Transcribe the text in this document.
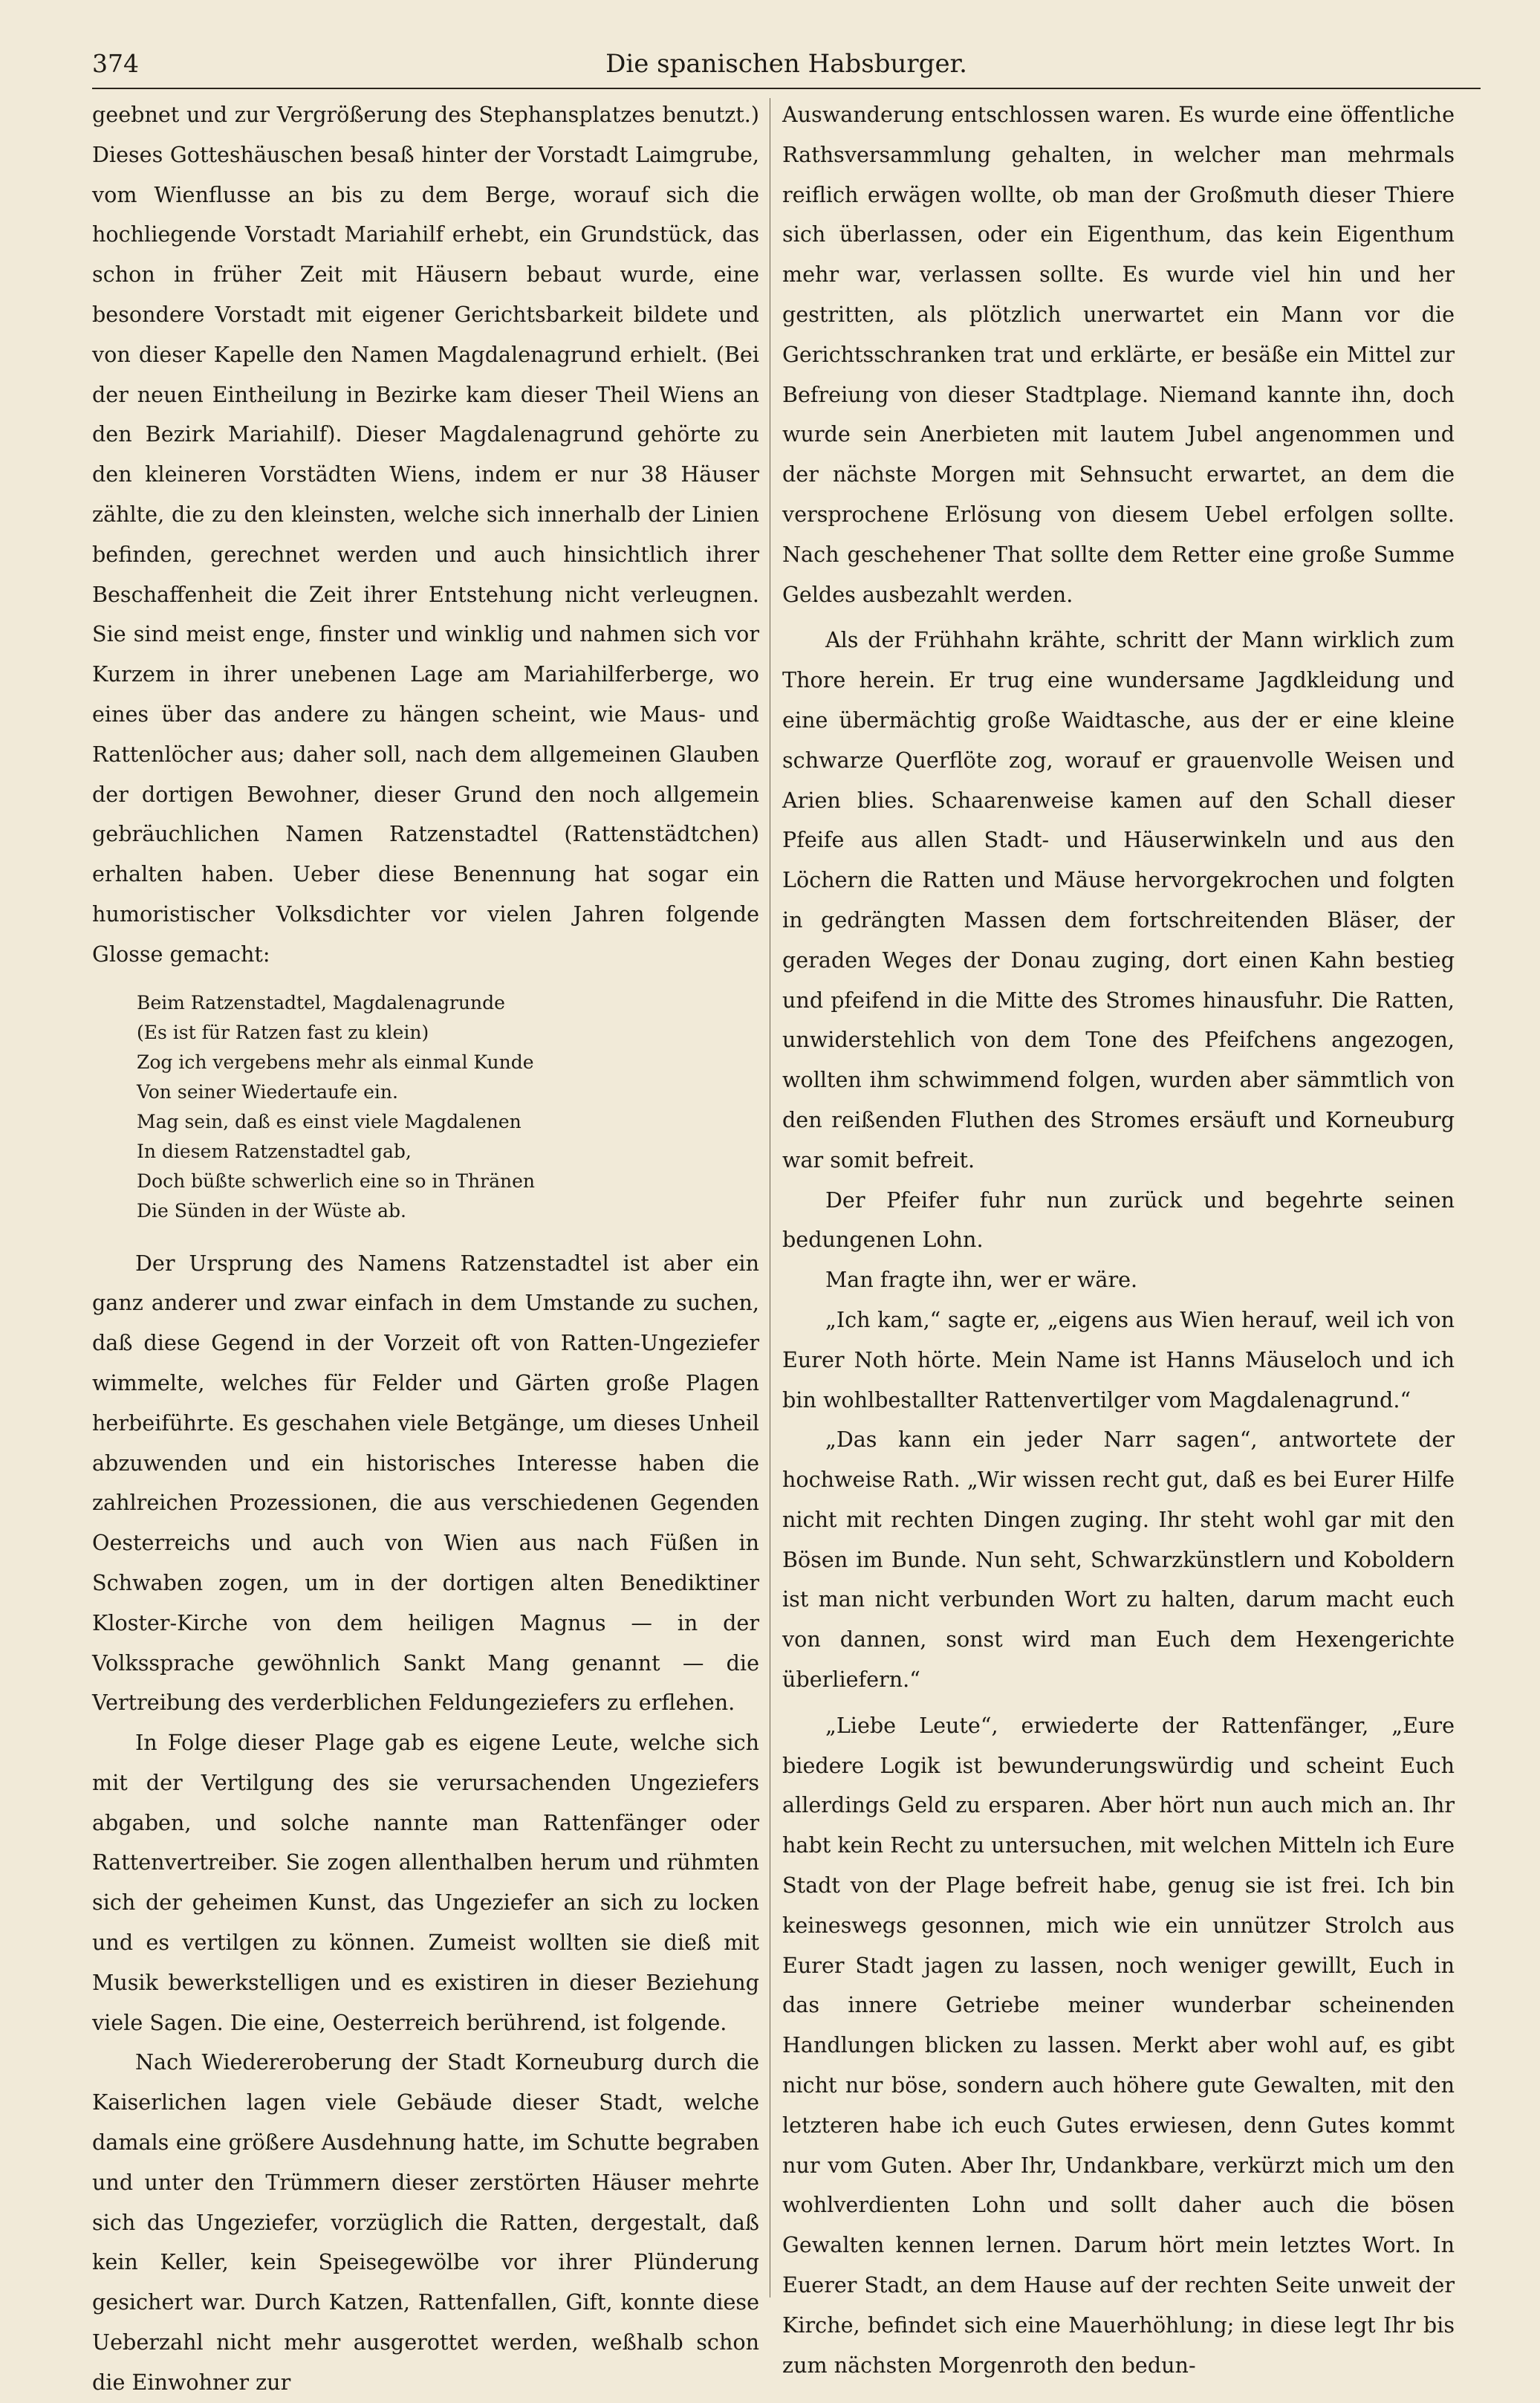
374	Die spanischen Habsburger.

geebnet und zur Vergrößerung des Stephansplatzes benutzt.) Dieses Gotteshäuschen besaß hinter der Vorstadt Laimgrube, vom Wienflusse an bis zu dem Berge, worauf sich die hochliegende Vorstadt Mariahilf erhebt, ein Grundstück, das schon in früher Zeit mit Häusern bebaut wurde, eine besondere Vorstadt mit eigener Gerichtsbarkeit bildete und von dieser Kapelle den Namen Magdalenagrund erhielt. (Bei der neuen Eintheilung in Bezirke kam dieser Theil Wiens an den Bezirk Mariahilf). Dieser Magdalenagrund gehörte zu den kleineren Vorstädten Wiens, indem er nur 38 Häuser zählte, die zu den kleinsten, welche sich innerhalb der Linien befinden, gerechnet werden und auch hinsichtlich ihrer Beschaffenheit die Zeit ihrer Entstehung nicht verleugnen. Sie sind meist enge, finster und winklig und nahmen sich vor Kurzem in ihrer unebenen Lage am Mariahilferberge, wo eines über das andere zu hängen scheint, wie Maus- und Rattenlöcher aus; daher soll, nach dem allgemeinen Glauben der dortigen Bewohner, dieser Grund den noch allgemein gebräuchlichen Namen Ratzenstadtel (Rattenstädtchen) erhalten haben. Ueber diese Benennung hat sogar ein humoristischer Volksdichter vor vielen Jahren folgende Glosse gemacht:

Beim Ratzenstadtel, Magdalenagrunde
(Es ist für Ratzen fast zu klein)
Zog ich vergebens mehr als einmal Kunde
Von seiner Wiedertaufe ein.
Mag sein, daß es einst viele Magdalenen
In diesem Ratzenstadtel gab,
Doch büßte schwerlich eine so in Thränen
Die Sünden in der Wüste ab.

Der Ursprung des Namens Ratzenstadtel ist aber ein ganz anderer und zwar einfach in dem Umstande zu suchen, daß diese Gegend in der Vorzeit oft von Ratten-Ungeziefer wimmelte, welches für Felder und Gärten große Plagen herbeiführte. Es geschahen viele Betgänge, um dieses Unheil abzuwenden und ein historisches Interesse haben die zahlreichen Prozessionen, die aus verschiedenen Gegenden Oesterreichs und auch von Wien aus nach Füßen in Schwaben zogen, um in der dortigen alten Benediktiner Kloster-Kirche von dem heiligen Magnus — in der Volkssprache gewöhnlich Sankt Mang genannt — die Vertreibung des verderblichen Feldungeziefers zu erflehen.

In Folge dieser Plage gab es eigene Leute, welche sich mit der Vertilgung des sie verursachenden Ungeziefers abgaben, und solche nannte man Rattenfänger oder Rattenvertreiber. Sie zogen allenthalben herum und rühmten sich der geheimen Kunst, das Ungeziefer an sich zu locken und es vertilgen zu können. Zumeist wollten sie dieß mit Musik bewerkstelligen und es existiren in dieser Beziehung viele Sagen. Die eine, Oesterreich berührend, ist folgende.

Nach Wiedereroberung der Stadt Korneuburg durch die Kaiserlichen lagen viele Gebäude dieser Stadt, welche damals eine größere Ausdehnung hatte, im Schutte begraben und unter den Trümmern dieser zerstörten Häuser mehrte sich das Ungeziefer, vorzüglich die Ratten, dergestalt, daß kein Keller, kein Speisegewölbe vor ihrer Plünderung gesichert war. Durch Katzen, Rattenfallen, Gift, konnte diese Ueberzahl nicht mehr ausgerottet werden, weßhalb schon die Einwohner zur

Auswanderung entschlossen waren. Es wurde eine öffentliche Rathsversammlung gehalten, in welcher man mehrmals reiflich erwägen wollte, ob man der Großmuth dieser Thiere sich überlassen, oder ein Eigenthum, das kein Eigenthum mehr war, verlassen sollte. Es wurde viel hin und her gestritten, als plötzlich unerwartet ein Mann vor die Gerichtsschranken trat und erklärte, er besäße ein Mittel zur Befreiung von dieser Stadtplage. Niemand kannte ihn, doch wurde sein Anerbieten mit lautem Jubel angenommen und der nächste Morgen mit Sehnsucht erwartet, an dem die versprochene Erlösung von diesem Uebel erfolgen sollte. Nach geschehener That sollte dem Retter eine große Summe Geldes ausbezahlt werden.

Als der Frühhahn krähte, schritt der Mann wirklich zum Thore herein. Er trug eine wundersame Jagdkleidung und eine übermächtig große Waidtasche, aus der er eine kleine schwarze Querflöte zog, worauf er grauenvolle Weisen und Arien blies. Schaarenweise kamen auf den Schall dieser Pfeife aus allen Stadt- und Häuserwinkeln und aus den Löchern die Ratten und Mäuse hervorgekrochen und folgten in gedrängten Massen dem fortschreitenden Bläser, der geraden Weges der Donau zuging, dort einen Kahn bestieg und pfeifend in die Mitte des Stromes hinausfuhr. Die Ratten, unwiderstehlich von dem Tone des Pfeifchens angezogen, wollten ihm schwimmend folgen, wurden aber sämmtlich von den reißenden Fluthen des Stromes ersäuft und Korneuburg war somit befreit.

Der Pfeifer fuhr nun zurück und begehrte seinen bedungenen Lohn.

Man fragte ihn, wer er wäre.

„Ich kam,“ sagte er, „eigens aus Wien herauf, weil ich von Eurer Noth hörte. Mein Name ist Hanns Mäuseloch und ich bin wohlbestallter Rattenvertilger vom Magdalenagrund.“

„Das kann ein jeder Narr sagen“, antwortete der hochweise Rath. „Wir wissen recht gut, daß es bei Eurer Hilfe nicht mit rechten Dingen zuging. Ihr steht wohl gar mit den Bösen im Bunde. Nun seht, Schwarzkünstlern und Koboldern ist man nicht verbunden Wort zu halten, darum macht euch von dannen, sonst wird man Euch dem Hexengerichte überliefern.“

„Liebe Leute“, erwiederte der Rattenfänger, „Eure biedere Logik ist bewunderungswürdig und scheint Euch allerdings Geld zu ersparen. Aber hört nun auch mich an. Ihr habt kein Recht zu untersuchen, mit welchen Mitteln ich Eure Stadt von der Plage befreit habe, genug sie ist frei. Ich bin keineswegs gesonnen, mich wie ein unnützer Strolch aus Eurer Stadt jagen zu lassen, noch weniger gewillt, Euch in das innere Getriebe meiner wunderbar scheinenden Handlungen blicken zu lassen. Merkt aber wohl auf, es gibt nicht nur böse, sondern auch höhere gute Gewalten, mit den letzteren habe ich euch Gutes erwiesen, denn Gutes kommt nur vom Guten. Aber Ihr, Undankbare, verkürzt mich um den wohlverdienten Lohn und sollt daher auch die bösen Gewalten kennen lernen. Darum hört mein letztes Wort. In Euerer Stadt, an dem Hause auf der rechten Seite unweit der Kirche, befindet sich eine Mauerhöhlung; in diese legt Ihr bis zum nächsten Morgenroth den bedun-
